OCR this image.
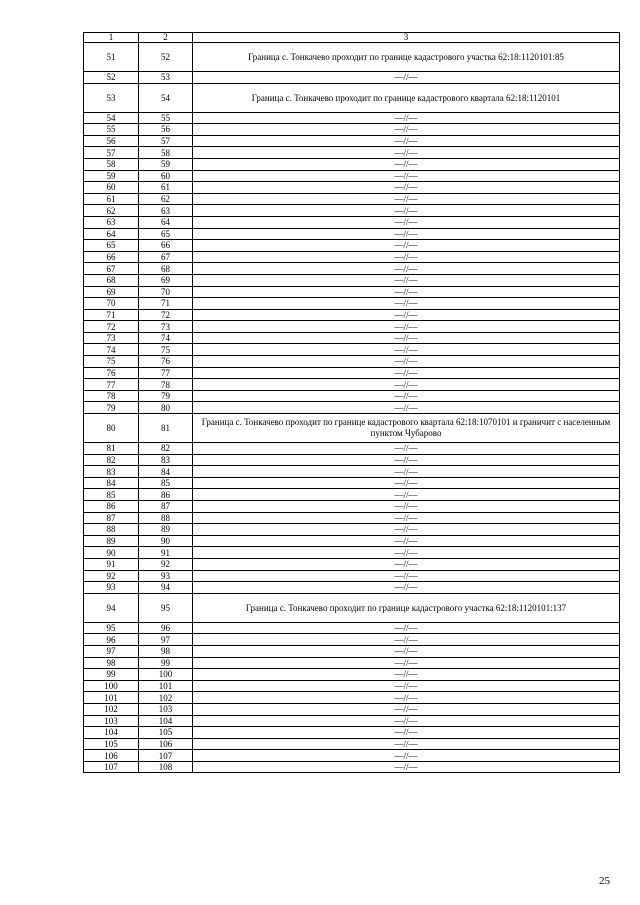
1	2	3
51	52	Граница с. Тонкачево проходит по границе кадастрового участка 62:18:1120101:85
52	53	—//—
53	54	Граница с. Тонкачево проходит по границе кадастрового квартала 62:18:1120101
54	55	—//—
55	56	—//—
56	57	—//—
57	58	—//—
58	59	—//—
59	60	—//—
60	61	—//—
61	62	—//—
62	63	—//—
63	64	—//—
64	65	—//—
65	66	—//—
66	67	—//—
67	68	—//—
68	69	—//—
69	70	—//—
70	71	—//—
71	72	—//—
72	73	—//—
73	74	—//—
74	75	—//—
75	76	—//—
76	77	—//—
77	78	—//—
78	79	—//—
79	80	—//—
80	81	Граница с. Тонкачево проходит по границе кадастрового квартала 62:18:1070101 и граничит с населенным пунктом Чубарово
81	82	—//—
82	83	—//—
83	84	—//—
84	85	—//—
85	86	—//—
86	87	—//—
87	88	—//—
88	89	—//—
89	90	—//—
90	91	—//—
91	92	—//—
92	93	—//—
93	94	—//—
94	95	Граница с. Тонкачево проходит по границе кадастрового участка 62:18:1120101:137
95	96	—//—
96	97	—//—
97	98	—//—
98	99	—//—
99	100	—//—
100	101	—//—
101	102	—//—
102	103	—//—
103	104	—//—
104	105	—//—
105	106	—//—
106	107	—//—
107	108	—//—
25
